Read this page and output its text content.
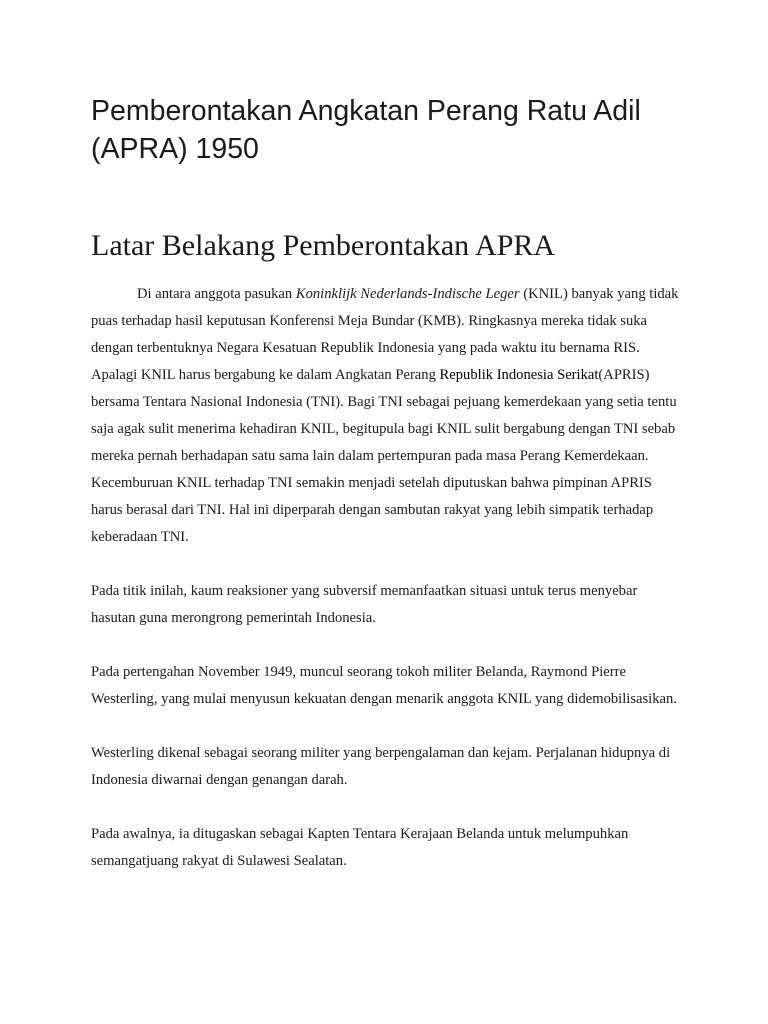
Pemberontakan Angkatan Perang Ratu Adil
(APRA) 1950
Latar Belakang Pemberontakan APRA

Di antara anggota pasukan Koninklijk Nederlands-Indische Leger (KNIL) banyak yang tidak
puas terhadap hasil keputusan Konferensi Meja Bundar (KMB). Ringkasnya mereka tidak suka
dengan terbentuknya Negara Kesatuan Republik Indonesia yang pada waktu itu bernama RIS.
Apalagi KNIL harus bergabung ke dalam Angkatan Perang Republik Indonesia Serikat(APRIS)
bersama Tentara Nasional Indonesia (TNI). Bagi TNI sebagai pejuang kemerdekaan yang setia tentu
saja agak sulit menerima kehadiran KNIL, begitupula bagi KNIL sulit bergabung dengan TNI sebab
mereka pernah berhadapan satu sama lain dalam pertempuran pada masa Perang Kemerdekaan.
Kecemburuan KNIL terhadap TNI semakin menjadi setelah diputuskan bahwa pimpinan APRIS
harus berasal dari TNI. Hal ini diperparah dengan sambutan rakyat yang lebih simpatik terhadap
keberadaan TNI.

Pada titik inilah, kaum reaksioner yang subversif memanfaatkan situasi untuk terus menyebar
hasutan guna merongrong pemerintah Indonesia.

Pada pertengahan November 1949, muncul seorang tokoh militer Belanda, Raymond Pierre
Westerling, yang mulai menyusun kekuatan dengan menarik anggota KNIL yang didemobilisasikan.

Westerling dikenal sebagai seorang militer yang berpengalaman dan kejam. Perjalanan hidupnya di
Indonesia diwarnai dengan genangan darah.

Pada awalnya, ia ditugaskan sebagai Kapten Tentara Kerajaan Belanda untuk melumpuhkan
semangatjuang rakyat di Sulawesi Sealatan.
